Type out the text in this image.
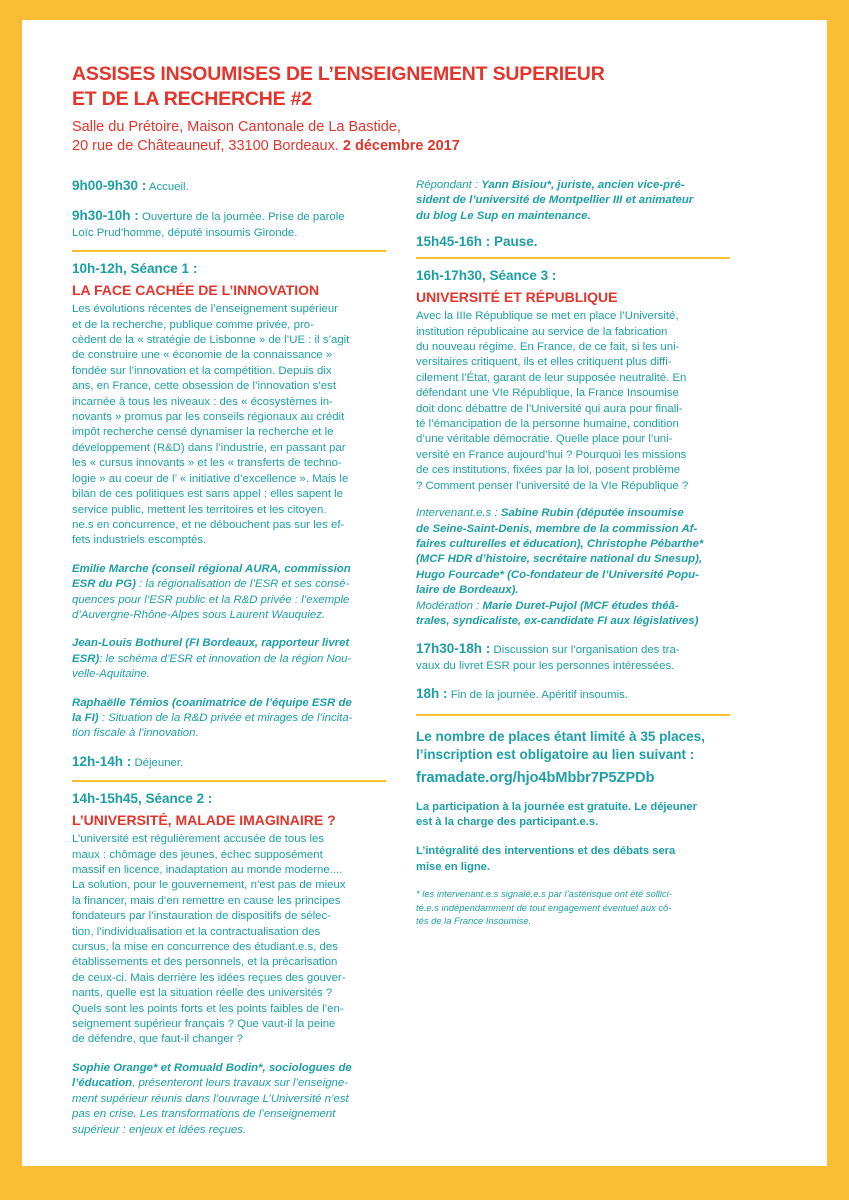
ASSISES INSOUMISES DE L’ENSEIGNEMENT SUPERIEUR
ET DE LA RECHERCHE #2
Salle du Prétoire, Maison Cantonale de La Bastide,
20 rue de Châteauneuf, 33100 Bordeaux. 2 décembre 2017

9h00-9h30 : Accueil.

9h30-10h : Ouverture de la journée. Prise de parole
Loïc Prud’homme, député insoumis Gironde.

10h-12h, Séance 1 :

LA FACE CACHÉE DE L’INNOVATION

Les évolutions récentes de l’enseignement supérieur
et de la recherche, publique comme privée, pro-
cèdent de la « stratégie de Lisbonne » de l’UE : il s’agit
de construire une « économie de la connaissance »
fondée sur l’innovation et la compétition. Depuis dix
ans, en France, cette obsession de l’innovation s’est
incarnée à tous les niveaux : des « écosystèmes in-
novants » promus par les conseils régionaux au crédit
impôt recherche censé dynamiser la recherche et le
développement (R&D) dans l’industrie, en passant par
les « cursus innovants » et les « transferts de techno-
logie » au coeur de l’ « initiative d’excellence ». Mais le
bilan de ces politiques est sans appel : elles sapent le
service public, mettent les territoires et les citoyen.
ne.s en concurrence, et ne débouchent pas sur les ef-
fets industriels escomptés.

Emilie Marche (conseil régional AURA, commission
ESR du PG) : la régionalisation de l’ESR et ses consé-
quences pour l’ESR public et la R&D privée : l’exemple
d’Auvergne-Rhône-Alpes sous Laurent Wauquiez.

Jean-Louis Bothurel (FI Bordeaux, rapporteur livret
ESR): le schéma d’ESR et innovation de la région Nou-
velle-Aquitaine.

Raphaëlle Témios (coanimatrice de l’équipe ESR de
la FI) : Situation de la R&D privée et mirages de l’incita-
tion fiscale à l’innovation.

12h-14h : Déjeuner.

14h-15h45, Séance 2 :

L’UNIVERSITÉ, MALADE IMAGINAIRE ?

L’université est régulièrement accusée de tous les
maux : chômage des jeunes, échec supposément
massif en licence, inadaptation au monde moderne....
La solution, pour le gouvernement, n’est pas de mieux
la financer, mais d’en remettre en cause les principes
fondateurs par l’instauration de dispositifs de sélec-
tion, l’individualisation et la contractualisation des
cursus, la mise en concurrence des étudiant.e.s, des
établissements et des personnels, et la précarisation
de ceux-ci. Mais derrière les idées reçues des gouver-
nants, quelle est la situation réelle des universités ?
Quels sont les points forts et les points faibles de l’en-
seignement supérieur français ? Que vaut-il la peine
de défendre, que faut-il changer ?

Sophie Orange* et Romuald Bodin*, sociologues de
l’éducation, présenteront leurs travaux sur l’enseigne-
ment supérieur réunis dans l’ouvrage L’Université n’est
pas en crise. Les transformations de l’enseignement
supérieur : enjeux et idées reçues.

Répondant : Yann Bisiou*, juriste, ancien vice-pré-
sident de l’université de Montpellier III et animateur
du blog Le Sup en maintenance.

15h45-16h : Pause.

16h-17h30, Séance 3 :

UNIVERSITÉ ET RÉPUBLIQUE

Avec la IIIe République se met en place l’Université,
institution républicaine au service de la fabrication
du nouveau régime. En France, de ce fait, si les uni-
versitaires critiquent, ils et elles critiquent plus diffi-
cilement l’État, garant de leur supposée neutralité. En
défendant une VIe République, la France Insoumise
doit donc débattre de l’Université qui aura pour finali-
té l’émancipation de la personne humaine, condition
d’une véritable démocratie. Quelle place pour l’uni-
versité en France aujourd’hui ? Pourquoi les missions
de ces institutions, fixées par la loi, posent problème
? Comment penser l’université de la VIe République ?
Intervenant.e.s : Sabine Rubin (députée insoumise
de Seine-Saint-Denis, membre de la commission Af-
faires culturelles et éducation), Christophe Pébarthe*
(MCF HDR d’histoire, secrétaire national du Snesup),
Hugo Fourcade* (Co-fondateur de l’Université Popu-
laire de Bordeaux).
Modération : Marie Duret-Pujol (MCF études théâ-
trales, syndicaliste, ex-candidate FI aux législatives)

17h30-18h : Discussion sur l’organisation des tra-
vaux du livret ESR pour les personnes intéressées.

18h : Fin de la journée. Apéritif insoumis.

Le nombre de places étant limité à 35 places,
l’inscription est obligatoire au lien suivant :

framadate.org/hjo4bMbbr7P5ZPDb

La participation à la journée est gratuite. Le déjeuner
est à la charge des participant.e.s.

L’intégralité des interventions et des débats sera
mise en ligne.

* les intervenant.e.s signalé.e.s par l’astérisque ont été sollici-
té.e.s indépendamment de tout engagement éventuel aux cô-
tés de la France Insoumise.
